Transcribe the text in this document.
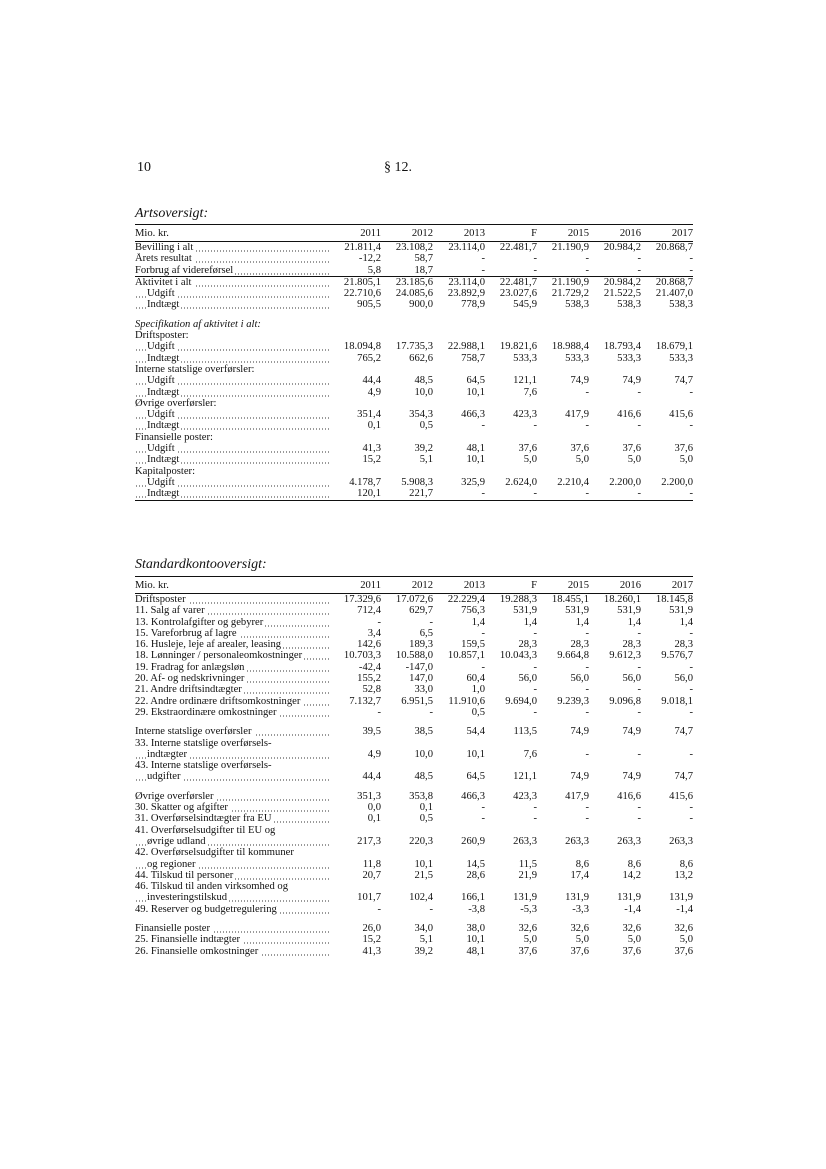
10	§ 12.
Artsoversigt:
Mio. kr.	2011	2012	2013	F	2015	2016	2017
Bevilling i alt	21.811,4	23.108,2	23.114,0	22.481,7	21.190,9	20.984,2	20.868,7
Årets resultat	-12,2	58,7	-	-	-	-	-
Forbrug af videreførsel	5,8	18,7	-	-	-	-	-
Aktivitet i alt	21.805,1	23.185,6	23.114,0	22.481,7	21.190,9	20.984,2	20.868,7
Udgift	22.710,6	24.085,6	23.892,9	23.027,6	21.729,2	21.522,5	21.407,0
Indtægt	905,5	900,0	778,9	545,9	538,3	538,3	538,3

Specifikation af aktivitet i alt:							
Driftsposter:							
Udgift	18.094,8	17.735,3	22.988,1	19.821,6	18.988,4	18.793,4	18.679,1
Indtægt	765,2	662,6	758,7	533,3	533,3	533,3	533,3
Interne statslige overførsler:							
Udgift	44,4	48,5	64,5	121,1	74,9	74,9	74,7
Indtægt	4,9	10,0	10,1	7,6	-	-	-
Øvrige overførsler:							
Udgift	351,4	354,3	466,3	423,3	417,9	416,6	415,6
Indtægt	0,1	0,5	-	-	-	-	-
Finansielle poster:							
Udgift	41,3	39,2	48,1	37,6	37,6	37,6	37,6
Indtægt	15,2	5,1	10,1	5,0	5,0	5,0	5,0
Kapitalposter:							
Udgift	4.178,7	5.908,3	325,9	2.624,0	2.210,4	2.200,0	2.200,0
Indtægt	120,1	221,7	-	-	-	-	-
Standardkontooversigt:
Mio. kr.	2011	2012	2013	F	2015	2016	2017
Driftsposter	17.329,6	17.072,6	22.229,4	19.288,3	18.455,1	18.260,1	18.145,8
11. Salg af varer	712,4	629,7	756,3	531,9	531,9	531,9	531,9
13. Kontrolafgifter og gebyrer	-	-	1,4	1,4	1,4	1,4	1,4
15. Vareforbrug af lagre	3,4	6,5	-	-	-	-	-
16. Husleje, leje af arealer, leasing	142,6	189,3	159,5	28,3	28,3	28,3	28,3
18. Lønninger / personaleomkostninger	10.703,3	10.588,0	10.857,1	10.043,3	9.664,8	9.612,3	9.576,7
19. Fradrag for anlægsløn	-42,4	-147,0	-	-	-	-	-
20. Af- og nedskrivninger	155,2	147,0	60,4	56,0	56,0	56,0	56,0
21. Andre driftsindtægter	52,8	33,0	1,0	-	-	-	-
22. Andre ordinære driftsomkostninger	7.132,7	6.951,5	11.910,6	9.694,0	9.239,3	9.096,8	9.018,1
29. Ekstraordinære omkostninger	-	-	0,5	-	-	-	-

Interne statslige overførsler	39,5	38,5	54,4	113,5	74,9	74,9	74,7
33. Interne statslige overførsels-							
indtægter	4,9	10,0	10,1	7,6	-	-	-
43. Interne statslige overførsels-							
udgifter	44,4	48,5	64,5	121,1	74,9	74,9	74,7

Øvrige overførsler	351,3	353,8	466,3	423,3	417,9	416,6	415,6
30. Skatter og afgifter	0,0	0,1	-	-	-	-	-
31. Overførselsindtægter fra EU	0,1	0,5	-	-	-	-	-
41. Overførselsudgifter til EU og							
øvrige udland	217,3	220,3	260,9	263,3	263,3	263,3	263,3
42. Overførselsudgifter til kommuner							
og regioner	11,8	10,1	14,5	11,5	8,6	8,6	8,6
44. Tilskud til personer	20,7	21,5	28,6	21,9	17,4	14,2	13,2
46. Tilskud til anden virksomhed og							
investeringstilskud	101,7	102,4	166,1	131,9	131,9	131,9	131,9
49. Reserver og budgetregulering	-	-	-3,8	-5,3	-3,3	-1,4	-1,4

Finansielle poster	26,0	34,0	38,0	32,6	32,6	32,6	32,6
25. Finansielle indtægter	15,2	5,1	10,1	5,0	5,0	5,0	5,0
26. Finansielle omkostninger	41,3	39,2	48,1	37,6	37,6	37,6	37,6
